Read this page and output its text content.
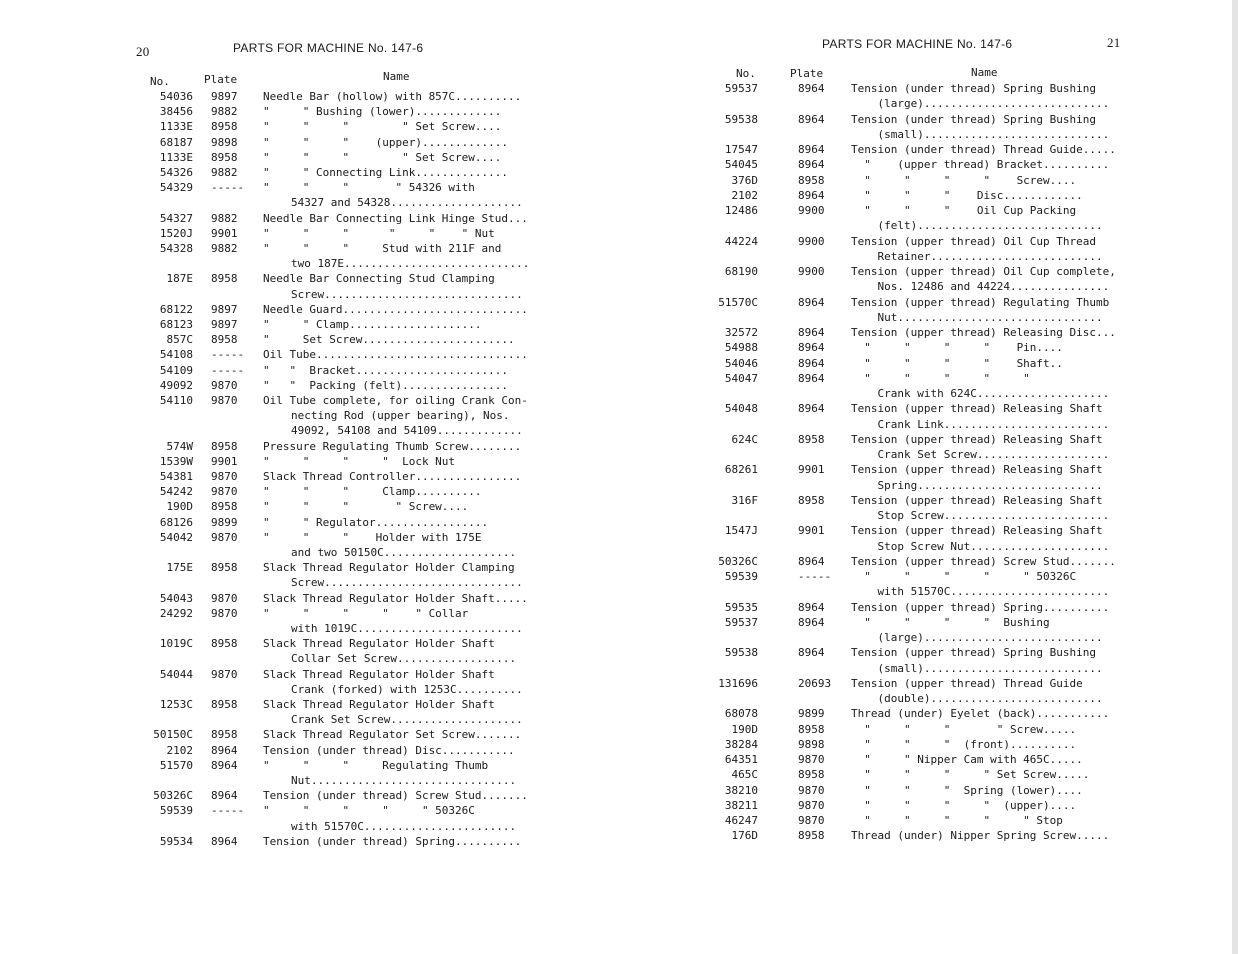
20	PARTS FOR MACHINE No. 147-6
No.	Plate	Name
54036 9897 Needle Bar (hollow) with 857C..........
38456 9882 "     " Bushing (lower).............
1133E 8958 "     "     "        " Set Screw....
68187 9898 "     "     "    (upper).............
1133E 8958 "     "     "        " Set Screw....
54326 9882 "     " Connecting Link..............
54329 ----- "     "     "       " 54326 with
54327 and 54328....................
54327 9882 Needle Bar Connecting Link Hinge Stud...
1520J 9901 "     "     "      "     "    " Nut
54328 9882 "     "     "     Stud with 211F and
two 187E............................
187E 8958 Needle Bar Connecting Stud Clamping
Screw..............................
68122 9897 Needle Guard............................
68123 9897 "     " Clamp....................
857C 8958 "     Set Screw.......................
54108 ----- Oil Tube................................
54109 ----- "   "  Bracket.......................
49092 9870 "   "  Packing (felt)................
54110 9870 Oil Tube complete, for oiling Crank Con-
necting Rod (upper bearing), Nos.
49092, 54108 and 54109.............
574W 8958 Pressure Regulating Thumb Screw........
1539W 9901 "     "     "     "  Lock Nut
54381 9870 Slack Thread Controller................
54242 9870 "     "     "     Clamp..........
190D 8958 "     "     "       " Screw....
68126 9899 "     " Regulator.................
54042 9870 "     "     "    Holder with 175E
and two 50150C....................
175E 8958 Slack Thread Regulator Holder Clamping
Screw..............................
54043 9870 Slack Thread Regulator Holder Shaft.....
24292 9870 "     "     "     "    " Collar
with 1019C.........................
1019C 8958 Slack Thread Regulator Holder Shaft
Collar Set Screw..................
54044 9870 Slack Thread Regulator Holder Shaft
Crank (forked) with 1253C..........
1253C 8958 Slack Thread Regulator Holder Shaft
Crank Set Screw....................
50150C 8958 Slack Thread Regulator Set Screw.......
2102 8964 Tension (under thread) Disc...........
51570 8964 "     "     "     Regulating Thumb
Nut...............................
50326C 8964 Tension (under thread) Screw Stud.......
59539 ----- "     "     "     "     " 50326C
with 51570C.......................
59534 8964 Tension (under thread) Spring..........
PARTS FOR MACHINE No. 147-6	21
No.	Plate	Name
59537	8964 Tension (under thread) Spring Bushing
(large)............................
59538	8964 Tension (under thread) Spring Bushing
(small)............................
17547	8964 Tension (under thread) Thread Guide.....
54045	8964 "    (upper thread) Bracket..........
376D	8958 "     "     "     "    Screw....
2102	8964 "     "     "    Disc............
12486	9900 "     "     "    Oil Cup Packing
(felt)............................
44224	9900 Tension (upper thread) Oil Cup Thread
Retainer..........................
68190	9900 Tension (upper thread) Oil Cup complete,
Nos. 12486 and 44224...............
51570C	8964 Tension (upper thread) Regulating Thumb
Nut...............................
32572	8964 Tension (upper thread) Releasing Disc...
54988	8964 "     "     "     "    Pin....
54046	8964 "     "     "     "    Shaft..
54047	8964 "     "     "     "     "
Crank with 624C....................
54048	8964 Tension (upper thread) Releasing Shaft
Crank Link.........................
624C	8958 Tension (upper thread) Releasing Shaft
Crank Set Screw....................
68261	9901 Tension (upper thread) Releasing Shaft
Spring............................
316F	8958 Tension (upper thread) Releasing Shaft
Stop Screw.........................
1547J	9901 Tension (upper thread) Releasing Shaft
Stop Screw Nut.....................
50326C	8964 Tension (upper thread) Screw Stud.......
59539	----- "     "     "     "     " 50326C
with 51570C........................
59535	8964 Tension (upper thread) Spring..........
59537	8964 "     "     "     "  Bushing
(large)...........................
59538	8964 Tension (upper thread) Spring Bushing
(small)...........................
131696	20693 Tension (upper thread) Thread Guide
(double)..........................
68078	9899 Thread (under) Eyelet (back)...........
190D	8958 "     "     "       " Screw.....
38284	9898 "     "     "  (front)..........
64351	9870 "     " Nipper Cam with 465C.....
465C	8958 "     "     "     " Set Screw.....
38210	9870 "     "     "  Spring (lower)....
38211	9870 "     "     "     "  (upper)....
46247	9870 "     "     "     "     " Stop
176D	8958 Thread (under) Nipper Spring Screw.....
